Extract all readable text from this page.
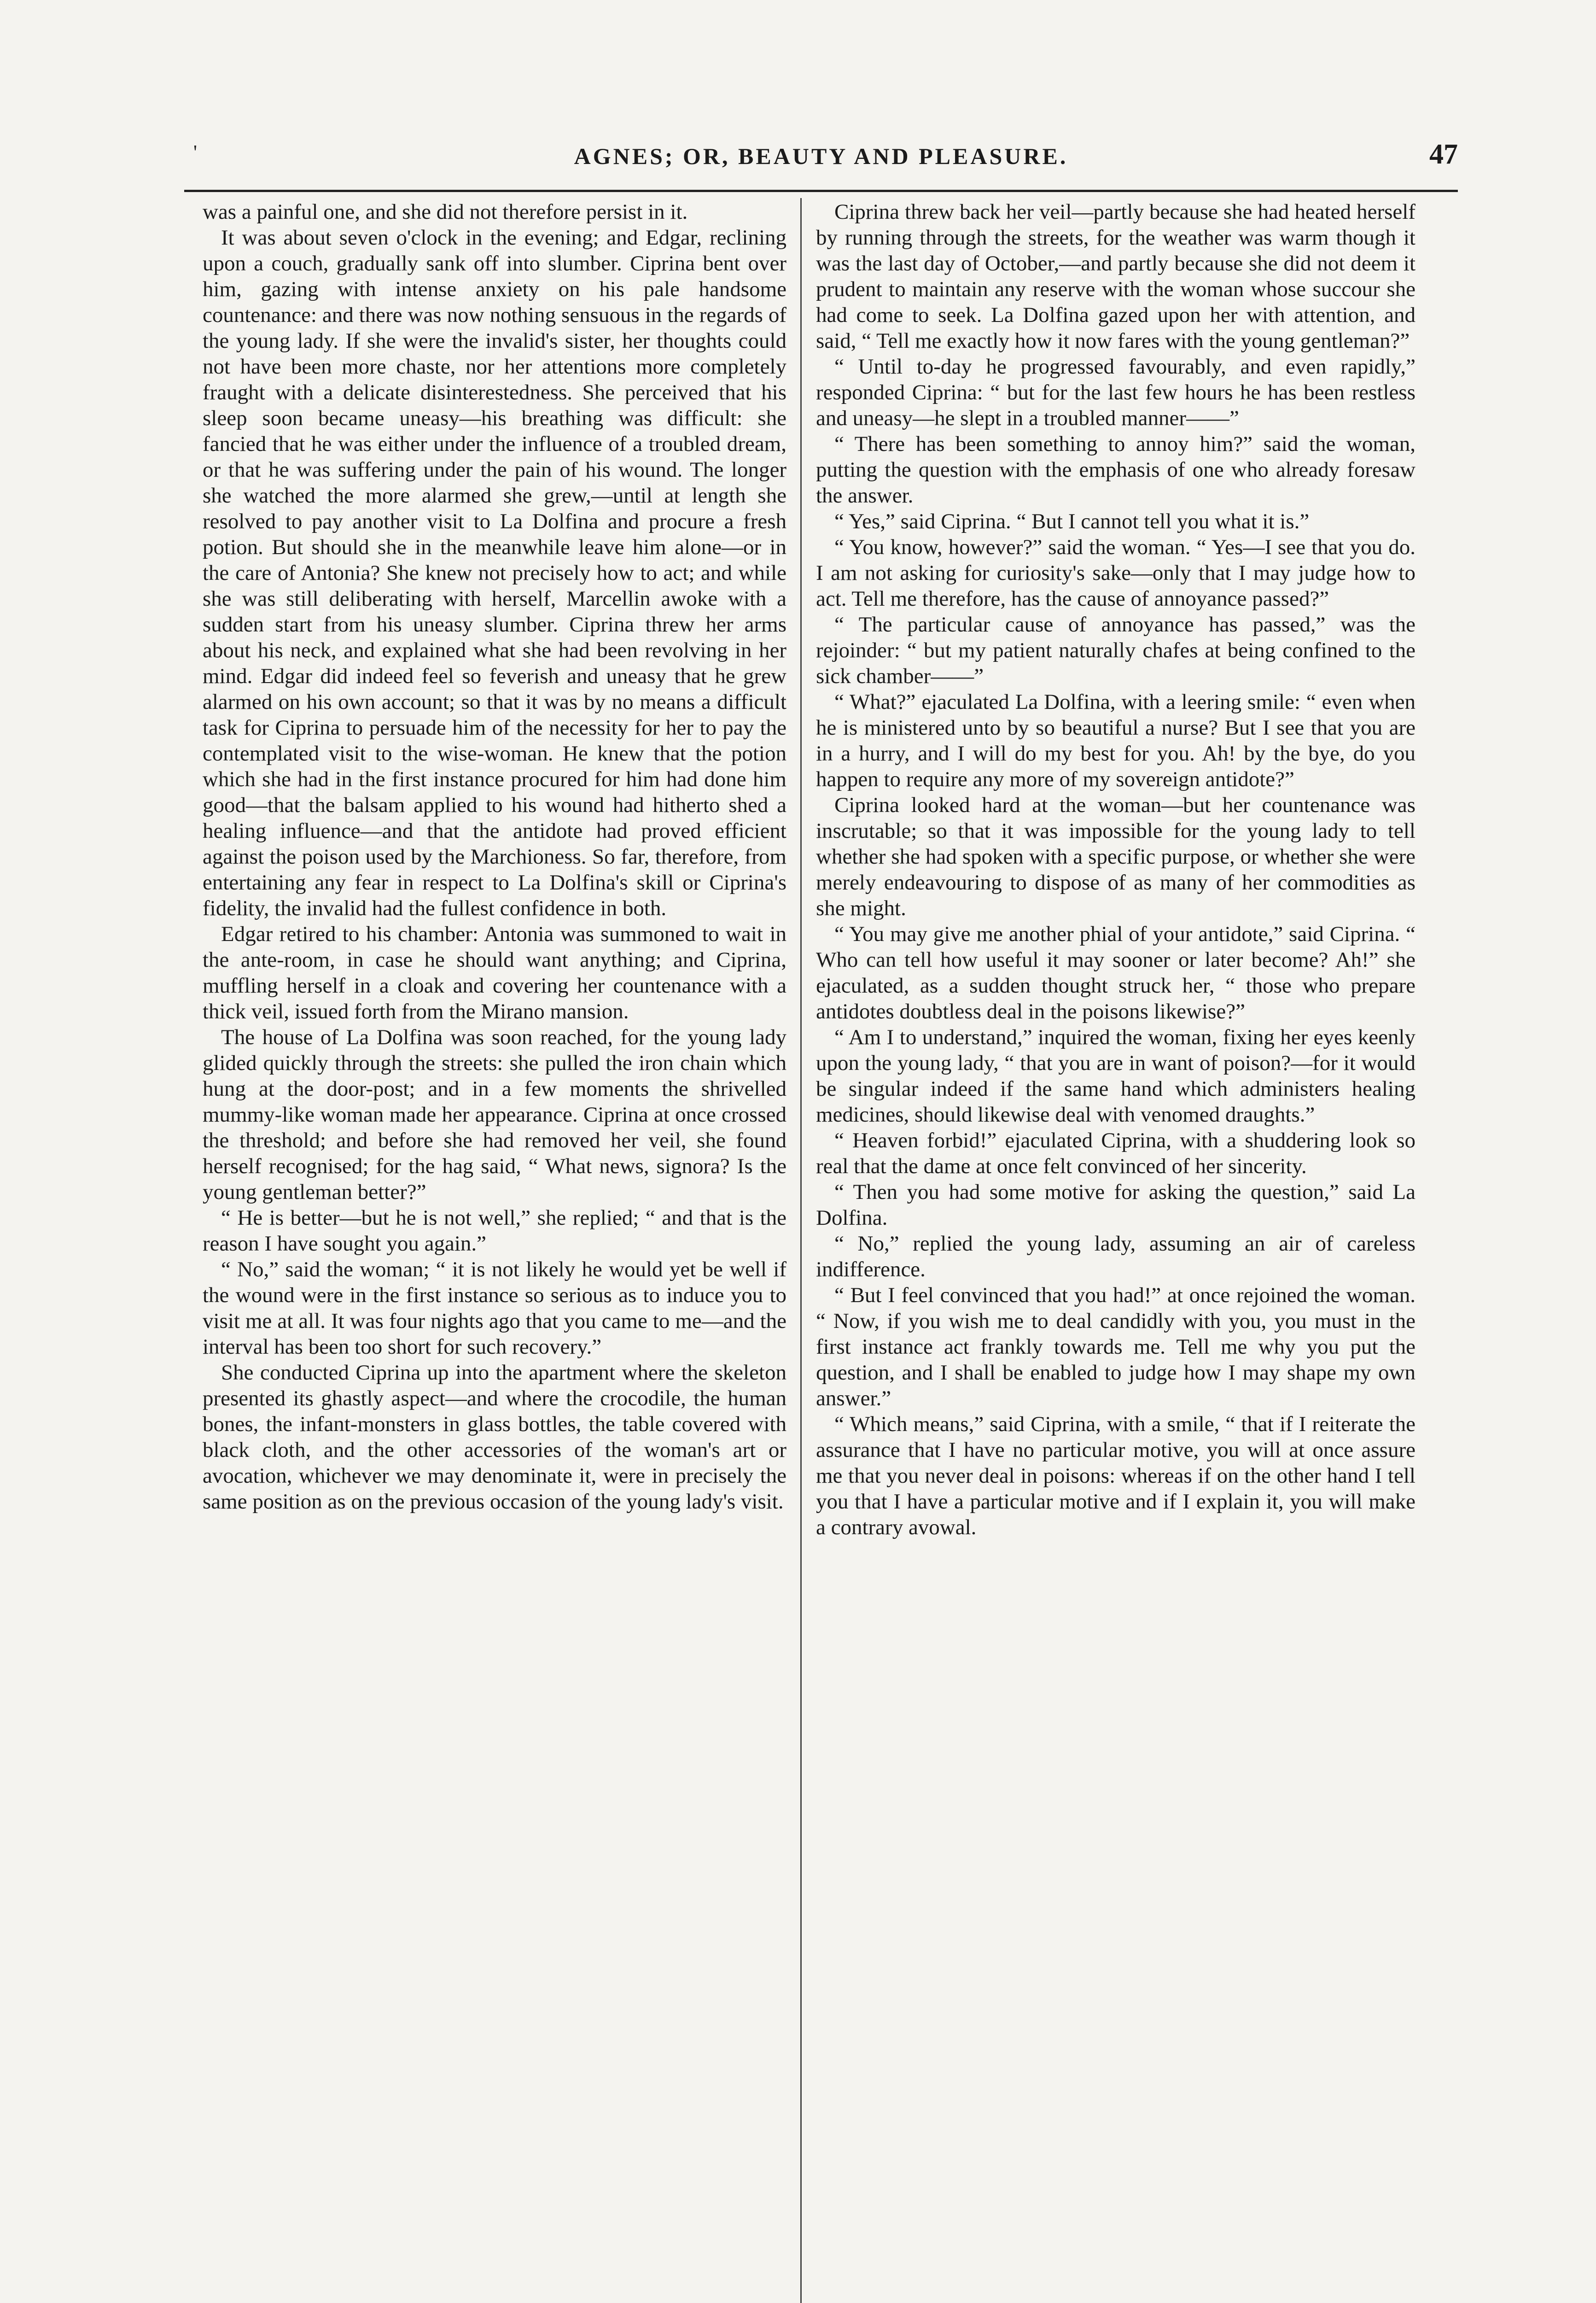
'	AGNES; OR, BEAUTY AND PLEASURE.	47

was a painful one, and she did not therefore persist in it.

It was about seven o'clock in the evening; and Edgar, reclining upon a couch, gradually sank off into slumber. Ciprina bent over him, gazing with intense anxiety on his pale handsome countenance: and there was now nothing sensuous in the regards of the young lady. If she were the invalid's sister, her thoughts could not have been more chaste, nor her attentions more completely fraught with a delicate disinterestedness. She perceived that his sleep soon became uneasy—his breathing was difficult: she fancied that he was either under the influence of a troubled dream, or that he was suffering under the pain of his wound. The longer she watched the more alarmed she grew,—until at length she resolved to pay another visit to La Dolfina and procure a fresh potion. But should she in the meanwhile leave him alone—or in the care of Antonia? She knew not precisely how to act; and while she was still deliberating with herself, Marcellin awoke with a sudden start from his uneasy slumber. Ciprina threw her arms about his neck, and explained what she had been revolving in her mind. Edgar did indeed feel so feverish and uneasy that he grew alarmed on his own account; so that it was by no means a difficult task for Ciprina to persuade him of the necessity for her to pay the contemplated visit to the wise-woman. He knew that the potion which she had in the first instance procured for him had done him good—that the balsam applied to his wound had hitherto shed a healing influence—and that the antidote had proved efficient against the poison used by the Marchioness. So far, therefore, from entertaining any fear in respect to La Dolfina's skill or Ciprina's fidelity, the invalid had the fullest confidence in both.

Edgar retired to his chamber: Antonia was summoned to wait in the ante-room, in case he should want anything; and Ciprina, muffling herself in a cloak and covering her countenance with a thick veil, issued forth from the Mirano mansion.

The house of La Dolfina was soon reached, for the young lady glided quickly through the streets: she pulled the iron chain which hung at the door-post; and in a few moments the shrivelled mummy-like woman made her appearance. Ciprina at once crossed the threshold; and before she had removed her veil, she found herself recognised; for the hag said, “ What news, signora? Is the young gentleman better?”

“ He is better—but he is not well,” she replied; “ and that is the reason I have sought you again.”

“ No,” said the woman; “ it is not likely he would yet be well if the wound were in the first instance so serious as to induce you to visit me at all. It was four nights ago that you came to me—and the interval has been too short for such recovery.”

She conducted Ciprina up into the apartment where the skeleton presented its ghastly aspect—and where the crocodile, the human bones, the infant-monsters in glass bottles, the table covered with black cloth, and the other accessories of the woman's art or avocation, whichever we may denominate it, were in precisely the same position as on the previous occasion of the young lady's visit.

Ciprina threw back her veil—partly because she had heated herself by running through the streets, for the weather was warm though it was the last day of October,—and partly because she did not deem it prudent to maintain any reserve with the woman whose succour she had come to seek. La Dolfina gazed upon her with attention, and said, “ Tell me exactly how it now fares with the young gentleman?”

“ Until to-day he progressed favourably, and even rapidly,” responded Ciprina: “ but for the last few hours he has been restless and uneasy—he slept in a troubled manner——”

“ There has been something to annoy him?” said the woman, putting the question with the emphasis of one who already foresaw the answer.

“ Yes,” said Ciprina. “ But I cannot tell you what it is.”

“ You know, however?” said the woman. “ Yes—I see that you do. I am not asking for curiosity's sake—only that I may judge how to act. Tell me therefore, has the cause of annoyance passed?”

“ The particular cause of annoyance has passed,” was the rejoinder: “ but my patient naturally chafes at being confined to the sick chamber——”

“ What?” ejaculated La Dolfina, with a leering smile: “ even when he is ministered unto by so beautiful a nurse? But I see that you are in a hurry, and I will do my best for you. Ah! by the bye, do you happen to require any more of my sovereign antidote?”

Ciprina looked hard at the woman—but her countenance was inscrutable; so that it was impossible for the young lady to tell whether she had spoken with a specific purpose, or whether she were merely endeavouring to dispose of as many of her commodities as she might.

“ You may give me another phial of your antidote,” said Ciprina. “ Who can tell how useful it may sooner or later become? Ah!” she ejaculated, as a sudden thought struck her, “ those who prepare antidotes doubtless deal in the poisons likewise?”

“ Am I to understand,” inquired the woman, fixing her eyes keenly upon the young lady, “ that you are in want of poison?—for it would be singular indeed if the same hand which administers healing medicines, should likewise deal with venomed draughts.”

“ Heaven forbid!” ejaculated Ciprina, with a shuddering look so real that the dame at once felt convinced of her sincerity.

“ Then you had some motive for asking the question,” said La Dolfina.

“ No,” replied the young lady, assuming an air of careless indifference.

“ But I feel convinced that you had!” at once rejoined the woman. “ Now, if you wish me to deal candidly with you, you must in the first instance act frankly towards me. Tell me why you put the question, and I shall be enabled to judge how I may shape my own answer.”

“ Which means,” said Ciprina, with a smile, “ that if I reiterate the assurance that I have no particular motive, you will at once assure me that you never deal in poisons: whereas if on the other hand I tell you that I have a particular motive and if I explain it, you will make a contrary avowal.
